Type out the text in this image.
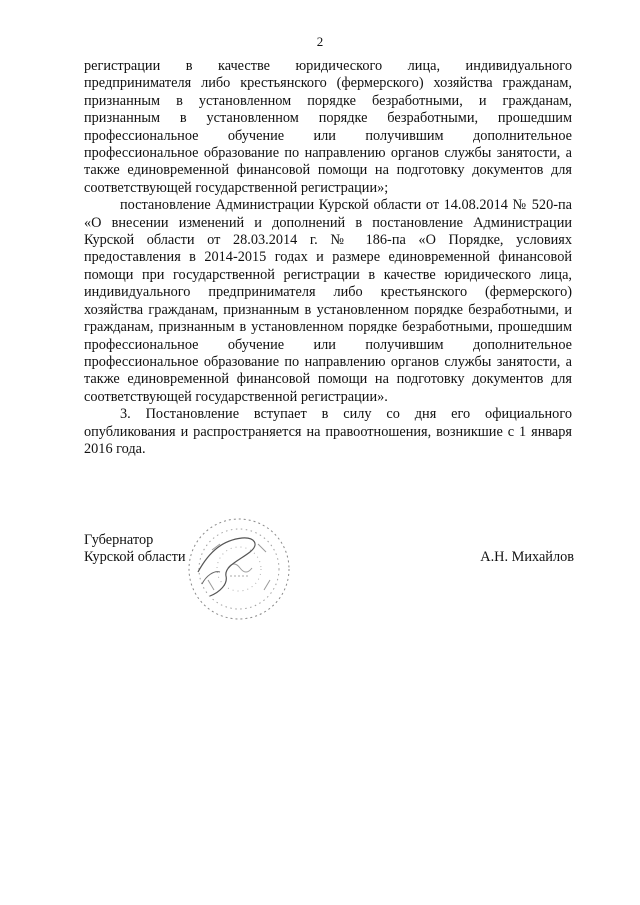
2

регистрации в качестве юридического лица, индивидуального предпринимателя либо крестьянского (фермерского) хозяйства гражданам, признанным в установленном порядке безработными, и гражданам, признанным в установленном порядке безработными, прошедшим профессиональное обучение или получившим дополнительное профессиональное образование по направлению органов службы занятости, а также единовременной финансовой помощи на подготовку документов для соответствующей государственной регистрации»;

постановление Администрации Курской области от 14.08.2014 № 520-па «О внесении изменений и дополнений в постановление Администрации Курской области от 28.03.2014 г. № 186-па «О Порядке, условиях предоставления в 2014-2015 годах и размере единовременной финансовой помощи при государственной регистрации в качестве юридического лица, индивидуального предпринимателя либо крестьянского (фермерского) хозяйства гражданам, признанным в установленном порядке безработными, и гражданам, признанным в установленном порядке безработными, прошедшим профессиональное обучение или получившим дополнительное профессиональное образование по направлению органов службы занятости, а также единовременной финансовой помощи на подготовку документов для соответствующей государственной регистрации».

3. Постановление вступает в силу со дня его официального опубликования и распространяется на правоотношения, возникшие с 1 января 2016 года.

Губернатор
Курской области	А.Н. Михайлов
